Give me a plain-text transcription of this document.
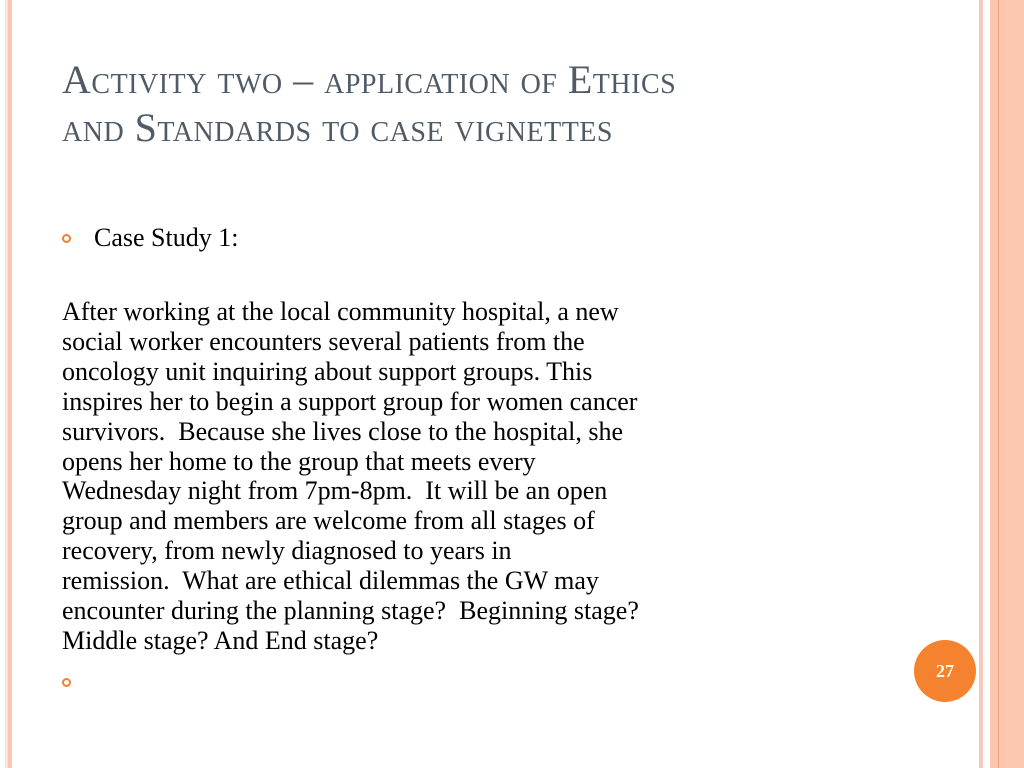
Activity two – application of Ethics
and Standards to case vignettes
Case Study 1:
After working at the local community hospital, a new
social worker encounters several patients from the
oncology unit inquiring about support groups. This
inspires her to begin a support group for women cancer
survivors.  Because she lives close to the hospital, she
opens her home to the group that meets every
Wednesday night from 7pm-8pm.  It will be an open
group and members are welcome from all stages of
recovery, from newly diagnosed to years in
remission.  What are ethical dilemmas the GW may
encounter during the planning stage?  Beginning stage?
Middle stage? And End stage?
27
